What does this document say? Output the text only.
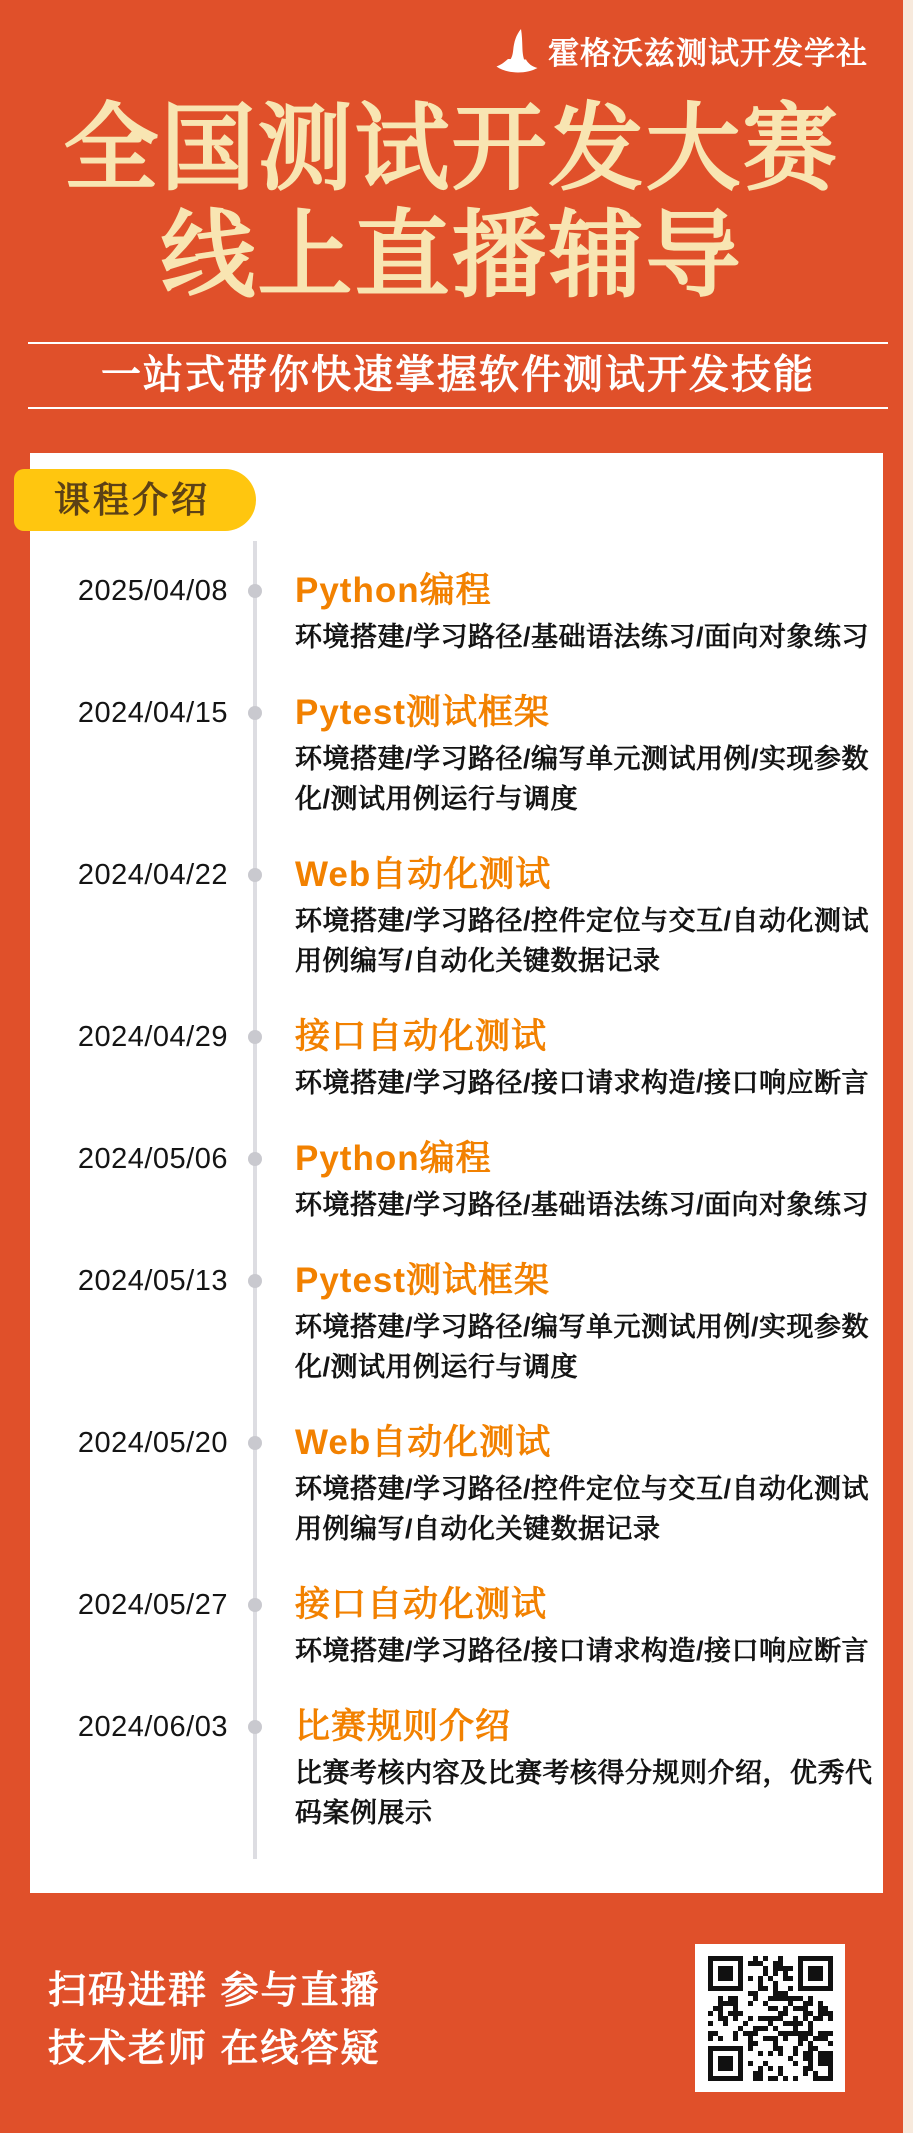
霍格沃兹测试开发学社
全国测试开发大赛
线上直播辅导
一站式带你快速掌握软件测试开发技能
课程介绍
2025/04/08 Python编程
环境搭建/学习路径/基础语法练习/面向对象练习
2024/04/15 Pytest测试框架
环境搭建/学习路径/编写单元测试用例/实现参数化/测试用例运行与调度
2024/04/22 Web自动化测试
环境搭建/学习路径/控件定位与交互/自动化测试用例编写/自动化关键数据记录
2024/04/29 接口自动化测试
环境搭建/学习路径/接口请求构造/接口响应断言
2024/05/06 Python编程
环境搭建/学习路径/基础语法练习/面向对象练习
2024/05/13 Pytest测试框架
环境搭建/学习路径/编写单元测试用例/实现参数化/测试用例运行与调度
2024/05/20 Web自动化测试
环境搭建/学习路径/控件定位与交互/自动化测试用例编写/自动化关键数据记录
2024/05/27 接口自动化测试
环境搭建/学习路径/接口请求构造/接口响应断言
2024/06/03 比赛规则介绍
比赛考核内容及比赛考核得分规则介绍，优秀代码案例展示
扫码进群 参与直播
技术老师 在线答疑
